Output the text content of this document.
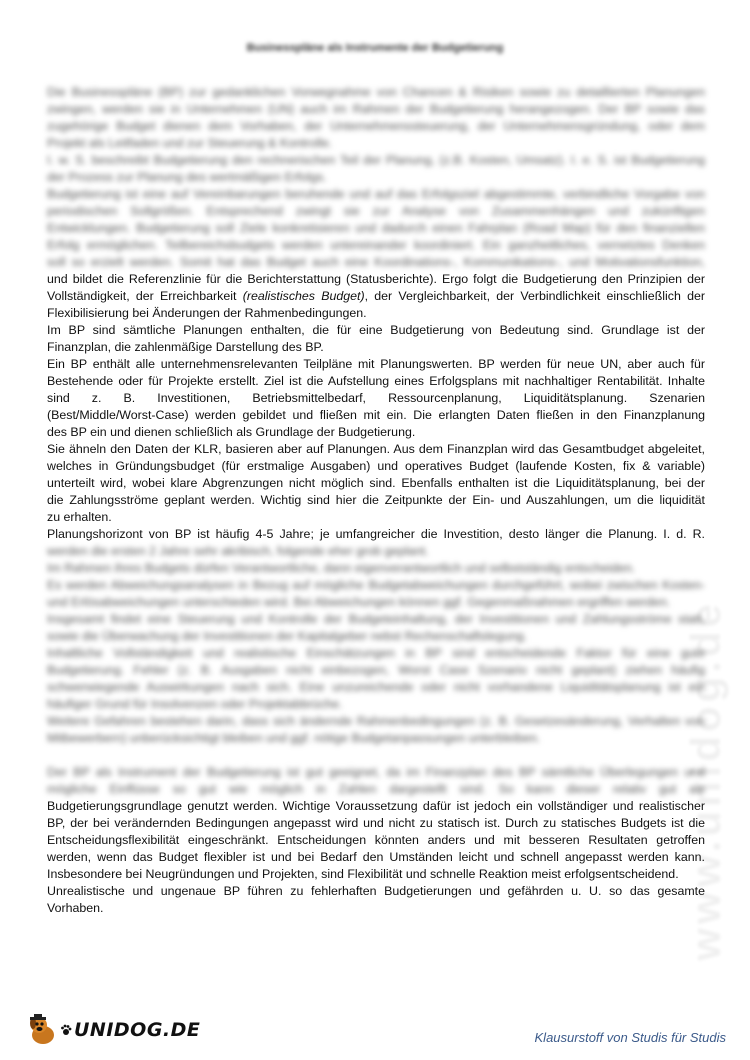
Businesspläne als Instrumente der Budgetierung
Die Businesspläne (BP) zur gedanklichen Vorwegnahme von Chancen & Risiken sowie zu detaillierten Planungen
zwingen, werden sie in Unternehmen (UN) auch im Rahmen der Budgetierung herangezogen. Der BP sowie das
zugehörige Budget dienen dem Vorhaben, der Unternehmenssteuerung, der Unternehmensgründung, oder dem
Projekt als Leitfaden und zur Steuerung & Kontrolle.
I. w. S. beschreibt Budgetierung den rechnerischen Teil der Planung, (z.B. Kosten, Umsatz). I. e. S. ist Budgetierung
der Prozess zur Planung des wertmäßigen Erfolgs.
Budgetierung ist eine auf Vereinbarungen beruhende und auf das Erfolgsziel abgestimmte, verbindliche Vorgabe von
periodischen Sollgrößen. Entsprechend zwingt sie zur Analyse von Zusammenhängen und zukünftigen
Entwicklungen. Budgetierung soll Ziele konkretisieren und dadurch einen Fahrplan (Road Map) für den finanziellen
Erfolg ermöglichen. Teilbereichsbudgets werden untereinander koordiniert. Ein ganzheitliches, vernetztes Denken
soll so erzielt werden. Somit hat das Budget auch eine Koordinations-, Kommunikations-, und Motivationsfunktion,
und bildet die Referenzlinie für die Berichterstattung (Statusberichte). Ergo folgt die Budgetierung den Prinzipien der
Vollständigkeit, der Erreichbarkeit (realistisches Budget), der Vergleichbarkeit, der Verbindlichkeit einschließlich der
Flexibilisierung bei Änderungen der Rahmenbedingungen.
Im BP sind sämtliche Planungen enthalten, die für eine Budgetierung von Bedeutung sind. Grundlage ist der
Finanzplan, die zahlenmäßige Darstellung des BP.
Ein BP enthält alle unternehmensrelevanten Teilpläne mit Planungswerten. BP werden für neue UN, aber auch für
Bestehende oder für Projekte erstellt. Ziel ist die Aufstellung eines Erfolgsplans mit nachhaltiger Rentabilität. Inhalte
sind z. B. Investitionen, Betriebsmittelbedarf, Ressourcenplanung, Liquiditätsplanung. Szenarien
(Best/Middle/Worst-Case) werden gebildet und fließen mit ein. Die erlangten Daten fließen in den Finanzplanung
des BP ein und dienen schließlich als Grundlage der Budgetierung.
Sie ähneln den Daten der KLR, basieren aber auf Planungen. Aus dem Finanzplan wird das Gesamtbudget abgeleitet,
welches in Gründungsbudget (für erstmalige Ausgaben) und operatives Budget (laufende Kosten, fix & variable)
unterteilt wird, wobei klare Abgrenzungen nicht möglich sind. Ebenfalls enthalten ist die Liquiditätsplanung, bei der
die Zahlungsströme geplant werden. Wichtig sind hier die Zeitpunkte der Ein- und Auszahlungen, um die liquidität
zu erhalten.
Planungshorizont von BP ist häufig 4-5 Jahre; je umfangreicher die Investition, desto länger die Planung. I. d. R.
werden die ersten 2 Jahre sehr akribisch, folgende eher grob geplant.
Im Rahmen ihres Budgets dürfen Verantwortliche, dann eigenverantwortlich und selbstständig entscheiden.
Es werden Abweichungsanalysen in Bezug auf mögliche Budgetabweichungen durchgeführt, wobei zwischen Kosten-
und Erlösabweichungen unterschieden wird. Bei Abweichungen können ggf. Gegenmaßnahmen ergriffen werden.
Insgesamt findet eine Steuerung und Kontrolle der Budgeteinhaltung, der Investitionen und Zahlungsströme statt,
sowie die Überwachung der Investitionen der Kapitalgeber nebst Rechenschaftslegung.
Inhaltliche Vollständigkeit und realistische Einschätzungen in BP sind entscheidende Faktor für eine gute
Budgetierung. Fehler (z. B. Ausgaben nicht einbezogen, Worst Case Szenario nicht geplant) ziehen häufig
schwerwiegende Auswirkungen nach sich. Eine unzureichende oder nicht vorhandene Liquiditätsplanung ist ein
häufiger Grund für Insolvenzen oder Projektabbrüche.
Weitere Gefahren bestehen darin, dass sich ändernde Rahmenbedingungen (z. B. Gesetzesänderung, Verhalten von
Mitbewerbern) unberücksichtigt bleiben und ggf. nötige Budgetanpassungen unterbleiben.
Der BP als Instrument der Budgetierung ist gut geeignet, da im Finanzplan des BP sämtliche Überlegungen und
mögliche Einflüsse so gut wie möglich in Zahlen dargestellt sind. So kann dieser relativ gut als
Budgetierungsgrundlage genutzt werden. Wichtige Voraussetzung dafür ist jedoch ein vollständiger und realistischer
BP, der bei verändernden Bedingungen angepasst wird und nicht zu statisch ist. Durch zu statisches Budgets ist die
Entscheidungsflexibilität eingeschränkt. Entscheidungen könnten anders und mit besseren Resultaten getroffen
werden, wenn das Budget flexibler ist und bei Bedarf den Umständen leicht und schnell angepasst werden kann.
Insbesondere bei Neugründungen und Projekten, sind Flexibilität und schnelle Reaktion meist erfolgsentscheidend.
Unrealistische und ungenaue BP führen zu fehlerhaften Budgetierungen und gefährden u. U. so das gesamte
Vorhaben.	www.unidog.de
UNIDOG.DE	Klausurstoff von Studis für Studis
